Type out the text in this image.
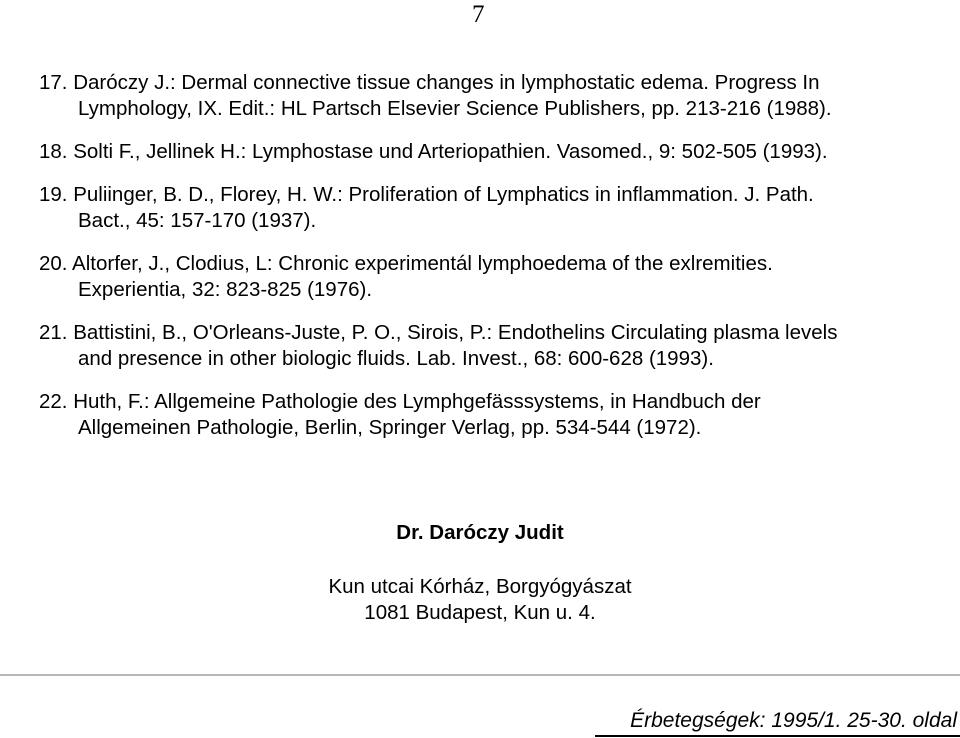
7
17. Daróczy J.: Dermal connective tissue changes in lymphostatic edema. Progress In
Lymphology, IX. Edit.: HL Partsch Elsevier Science Publishers, pp. 213-216 (1988).
18. Solti F., Jellinek H.: Lymphostase und Arteriopathien. Vasomed., 9: 502-505 (1993).
19. Puliinger, B. D., Florey, H. W.: Proliferation of Lymphatics in inflammation. J. Path.
Bact., 45: 157-170 (1937).
20. Altorfer, J., Clodius, L: Chronic experimentál lymphoedema of the exlremities.
Experientia, 32: 823-825 (1976).
21. Battistini, B., O'Orleans-Juste, P. O., Sirois, P.: Endothelins Circulating plasma levels
and presence in other biologic fluids. Lab. Invest., 68: 600-628 (1993).
22. Huth, F.: Allgemeine Pathologie des Lymphgefässsystems, in Handbuch der
Allgemeinen Pathologie, Berlin, Springer Verlag, pp. 534-544 (1972).
Dr. Daróczy Judit
Kun utcai Kórház, Borgyógyászat
1081 Budapest, Kun u. 4.
Érbetegségek: 1995/1. 25-30. oldal
